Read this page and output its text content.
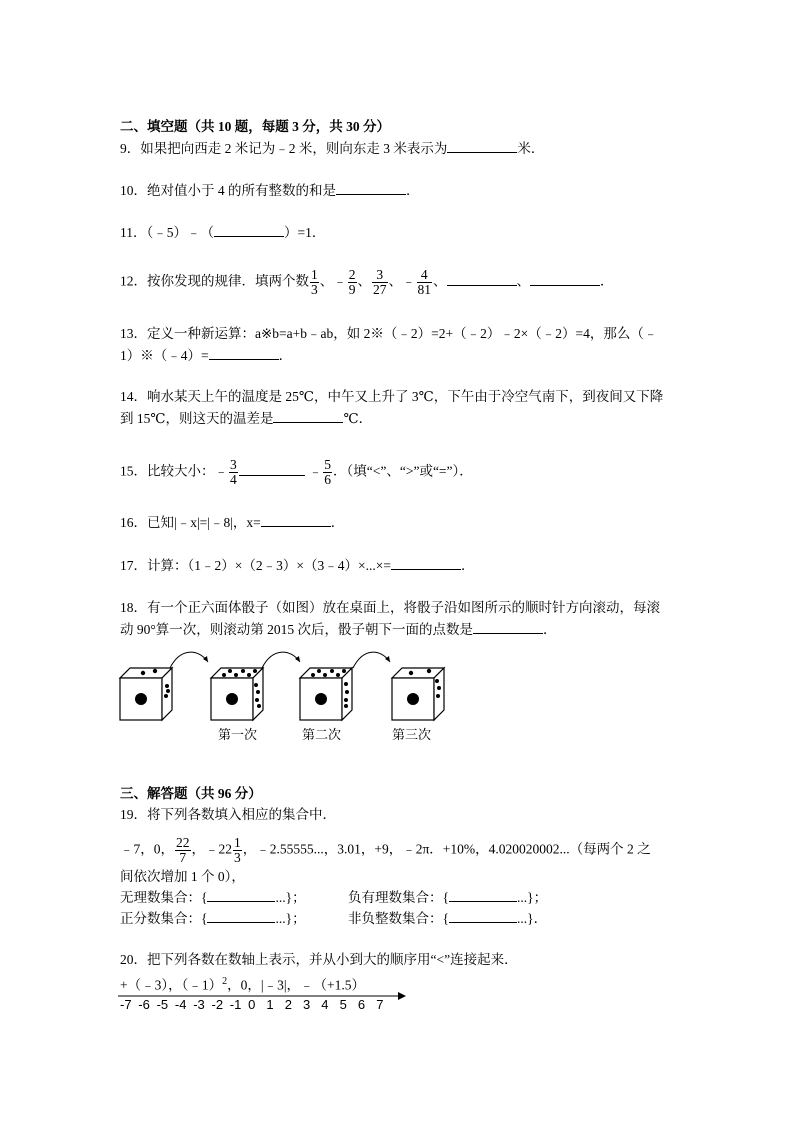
二、填空题（共 10 题，每题 3 分，共 30 分）
9．如果把向西走 2 米记为﹣2 米，则向东走 3 米表示为	米．
10．绝对值小于 4 的所有整数的和是	．
11．（﹣5）﹣（	）=1．
12．按你发现的规律．填两个数 $\frac{1}{3}$ 、﹣ $\frac{2}{9}$ 、 $\frac{3}{27}$ 、﹣ $\frac{4}{81}$ 、	、	．
13．定义一种新运算：a※b=a+b﹣ab，如 2※（﹣2）=2+（﹣2）﹣2×（﹣2）=4，那么（﹣
1）※（﹣4）=	．
14．响水某天上午的温度是 25℃，中午又上升了 3℃，下午由于冷空气南下，到夜间又下降
到 15℃，则这天的温差是	℃．
15．比较大小：﹣ $\frac{3}{4}$	﹣ $\frac{5}{6}$ ．（填“<”、“>”或“=”）．
16．已知|﹣x|=|﹣8|，x=	．
17．计算：（1﹣2）×（2﹣3）×（3﹣4）×...×=	．
18．有一个正六面体骰子（如图）放在桌面上，将骰子沿如图所示的顺时针方向滚动，每滚
动 90°算一次，则滚动第 2015 次后，骰子朝下一面的点数是	．
第一次	第二次	第三次
三、解答题（共 96 分）
19．将下列各数填入相应的集合中．
﹣7，0， $\frac{22}{7}$ ，﹣22 $\frac{1}{3}$ ，﹣2.55555...，3.01，+9，﹣2π．+10%，4.020020002...（每两个 2 之
间依次增加 1 个 0），
无理数集合：{	...}；	负有理数集合：{	...}；
正分数集合：{	...}；	非负整数集合：{	...}．
20．把下列各数在数轴上表示，并从小到大的顺序用“<”连接起来．
+（﹣3），（﹣1）$^2$，0，|﹣3|，﹣（+1.5）
-7 -6 -5 -4 -3 -2 -1 0 1 2 3 4 5 6 7
